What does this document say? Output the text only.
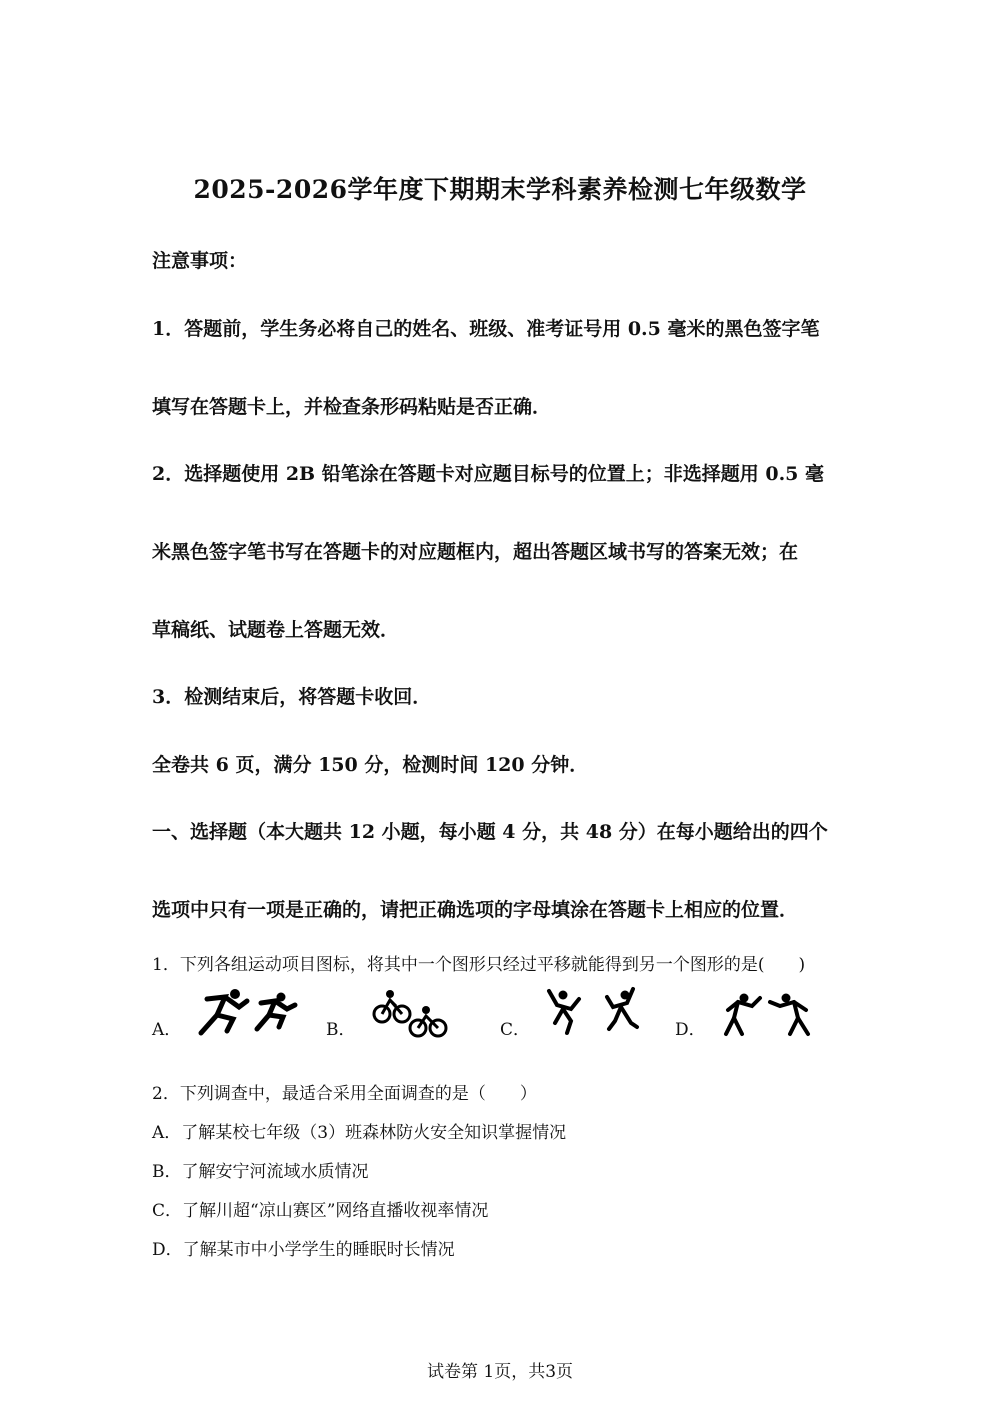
2025-2026学年度下期期末学科素养检测七年级数学
注意事项：
1．答题前，学生务必将自己的姓名、班级、准考证号用 0.5 毫米的黑色签字笔
填写在答题卡上，并检查条形码粘贴是否正确．
2．选择题使用 2B 铅笔涂在答题卡对应题目标号的位置上；非选择题用 0.5 毫
米黑色签字笔书写在答题卡的对应题框内，超出答题区域书写的答案无效；在
草稿纸、试题卷上答题无效．
3．检测结束后，将答题卡收回．
全卷共 6 页，满分 150 分，检测时间 120 分钟．
一、选择题（本大题共 12 小题，每小题 4 分，共 48 分）在每小题给出的四个
选项中只有一项是正确的，请把正确选项的字母填涂在答题卡上相应的位置．
1．下列各组运动项目图标，将其中一个图形只经过平移就能得到另一个图形的是(　　)
A．	B．	C．	D．
2．下列调查中，最适合采用全面调查的是（　　）
A．了解某校七年级（3）班森林防火安全知识掌握情况
B．了解安宁河流域水质情况
C．了解川超“凉山赛区”网络直播收视率情况
D．了解某市中小学学生的睡眠时长情况
试卷第 1页，共3页
